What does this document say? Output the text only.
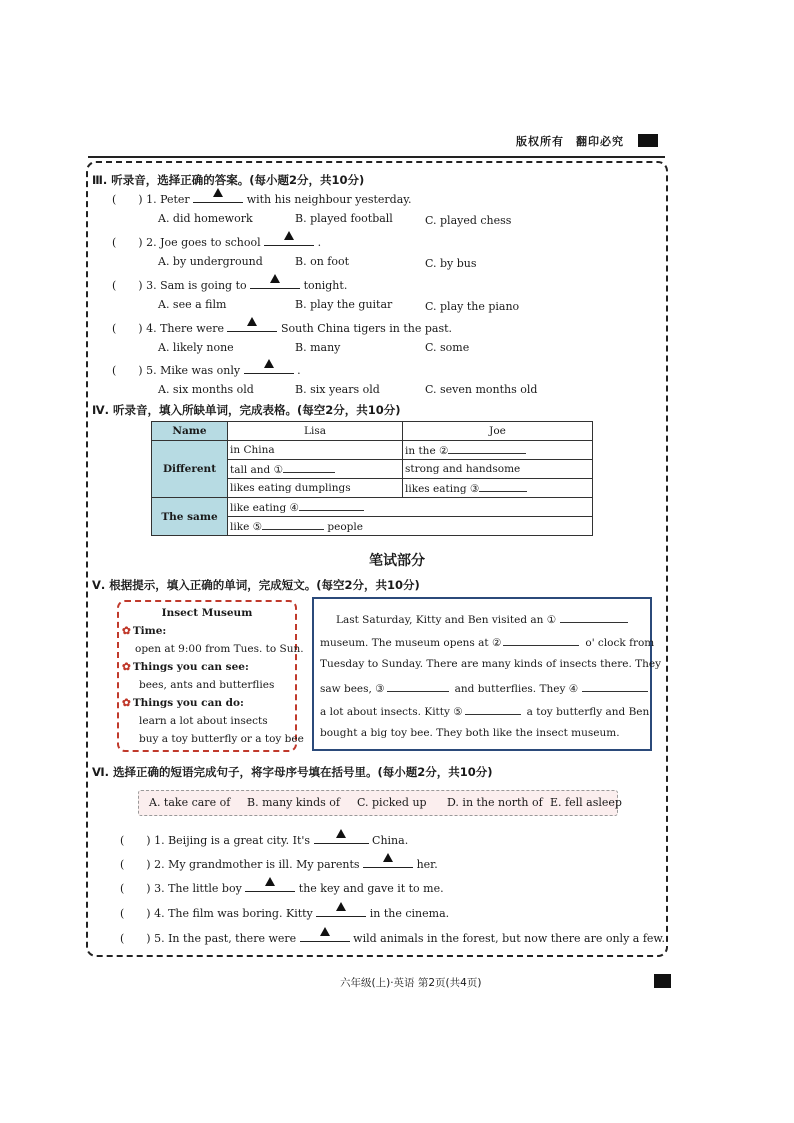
版权所有　翻印必究
Ⅲ. 听录音，选择正确的答案。(每小题2分，共10分)
(　　) 1. Peter	with his neighbour yesterday.
A. did homework	B. played football	C. played chess
(　　) 2. Joe goes to school	.
A. by underground	B. on foot	C. by bus
(　　) 3. Sam is going to	tonight.
A. see a film	B. play the guitar	C. play the piano
(　　) 4. There were	South China tigers in the past.
A. likely none	B. many	C. some
(　　) 5. Mike was only	.
A. six months old	B. six years old	C. seven months old
Ⅳ. 听录音，填入所缺单词，完成表格。(每空2分，共10分)
Name	Lisa	Joe
Different	in China	in the ②
	tall and ①	strong and handsome
	likes eating dumplings	likes eating ③
The same	like eating ④	
	like ⑤ people	
笔试部分
Ⅴ. 根据提示，填入正确的单词，完成短文。(每空2分，共10分)
Insect Museum
✿ Time:
open at 9:00 from Tues. to Sun.
✿ Things you can see:
bees, ants and butterflies
✿ Things you can do:
learn a lot about insects
buy a toy butterfly or a toy bee
Last Saturday, Kitty and Ben visited an ①
museum. The museum opens at ②	o' clock from
Tuesday to Sunday. There are many kinds of insects there. They
saw bees, ③	and butterflies. They ④
a lot about insects. Kitty ⑤	a toy butterfly and Ben
bought a big toy bee. They both like the insect museum.
Ⅵ. 选择正确的短语完成句子，将字母序号填在括号里。(每小题2分，共10分)
A. take care of B. many kinds of C. picked up D. in the north of E. fell asleep
(　　) 1. Beijing is a great city. It's	China.
(　　) 2. My grandmother is ill. My parents	her.
(　　) 3. The little boy	the key and gave it to me.
(　　) 4. The film was boring. Kitty	in the cinema.
(　　) 5. In the past, there were	wild animals in the forest, but now there are only a few.
六年级(上)·英语 第2页(共4页)
